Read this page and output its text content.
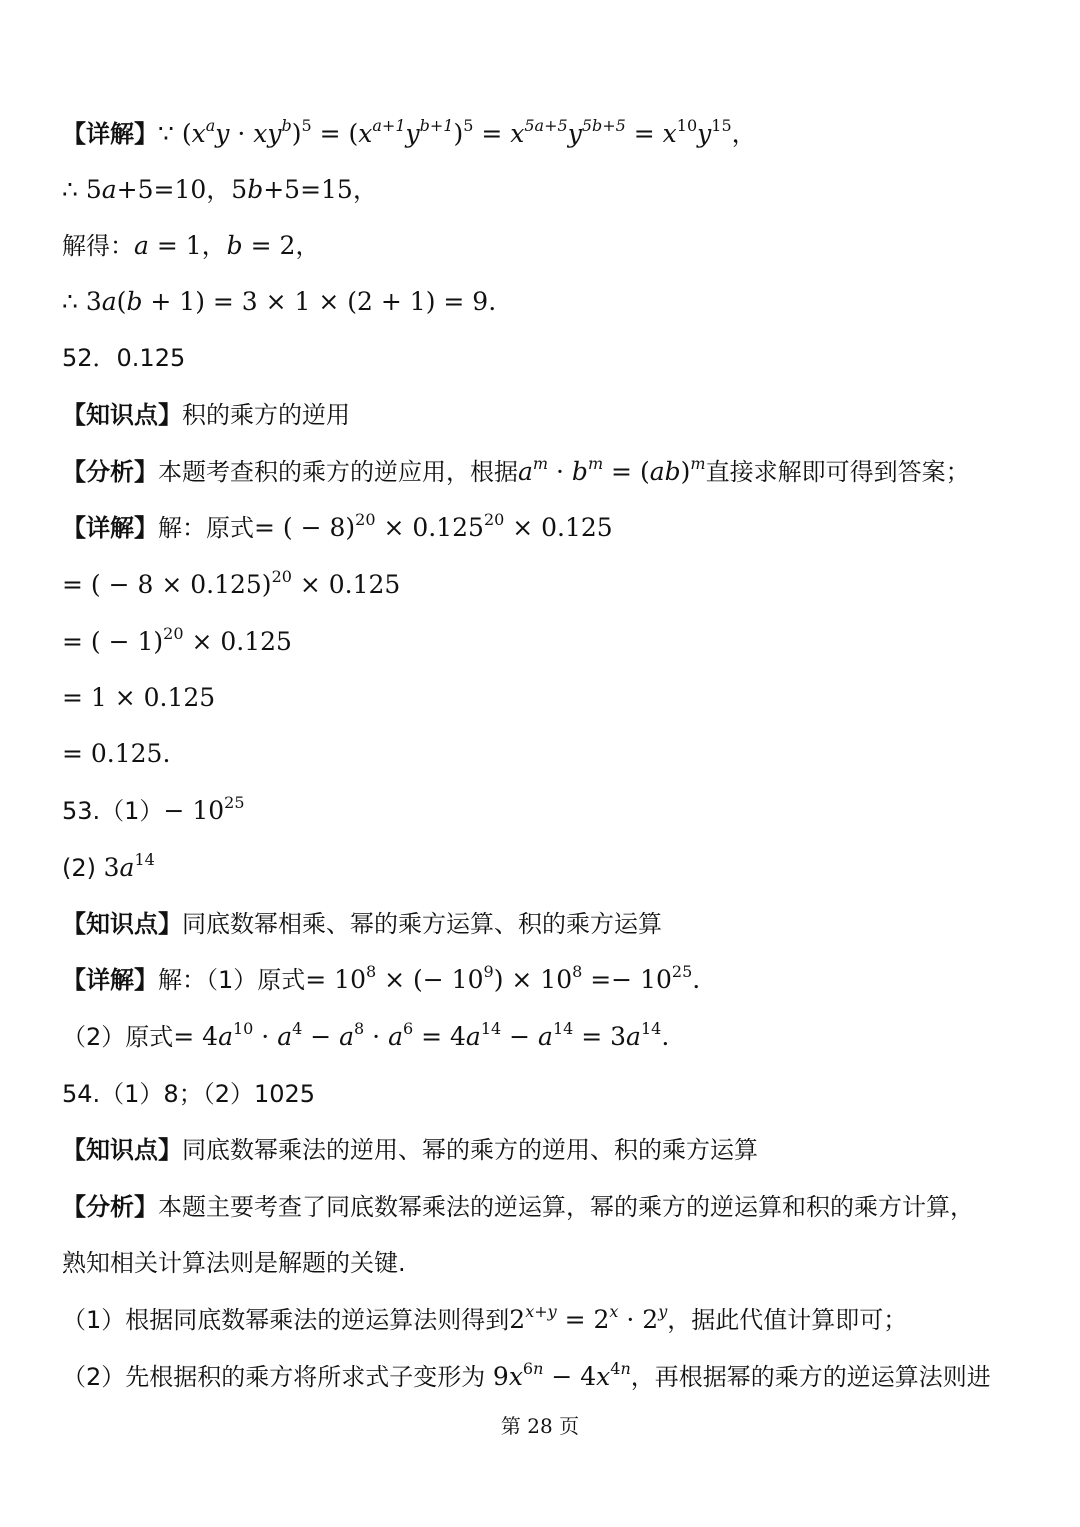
【详解】∵ $(x^ay \cdot xy^b)^5 = (x^{a+1}y^{b+1})^5 = x^{5a+5}y^{5b+5} = x^{10}y^{15}$，
∴ 5a+5=10，5b+5=15，
解得：a = 1，b = 2，
∴ 3a(b + 1) = 3 × 1 × (2 + 1) = 9.
52．0.125
【知识点】积的乘方的逆用
【分析】本题考查积的乘方的逆应用，根据$a^m \cdot b^m = (ab)^m$直接求解即可得到答案；
【详解】解：原式= ( − $8)^{20} \times 0.125^{20} \times 0.125$
= ( − 8 × 0.125)$^{20}$ × 0.125
= ( − 1)$^{20}$ × 0.125
= 1 × 0.125
= 0.125.
$53.(1)- 10^{25}$
(2) $3a^{14}$
【知识点】同底数幂相乘、幂的乘方运算、积的乘方运算
【详解】解：（1）原式= $10^8$ × (− $10^9) \times 10^8 =- 10^{25}$.
（2）原式= $4a^{10} \cdot a^4 - a^8 \cdot a^6 = 4a^{14} - a^{14} = 3a^{14}$.
54.（1）8；（2）1025
【知识点】同底数幂乘法的逆用、幂的乘方的逆用、积的乘方运算
【分析】本题主要考查了同底数幂乘法的逆运算，幂的乘方的逆运算和积的乘方计算，
熟知相关计算法则是解题的关键.
（1）根据同底数幂乘法的逆运算法则得到$2^{x+y} = 2^x \cdot 2^y$，据此代值计算即可；
（2）先根据积的乘方将所求式子变形为 $9x^{6n} - 4x^{4n}$，再根据幂的乘方的逆运算法则进
第 28 页
